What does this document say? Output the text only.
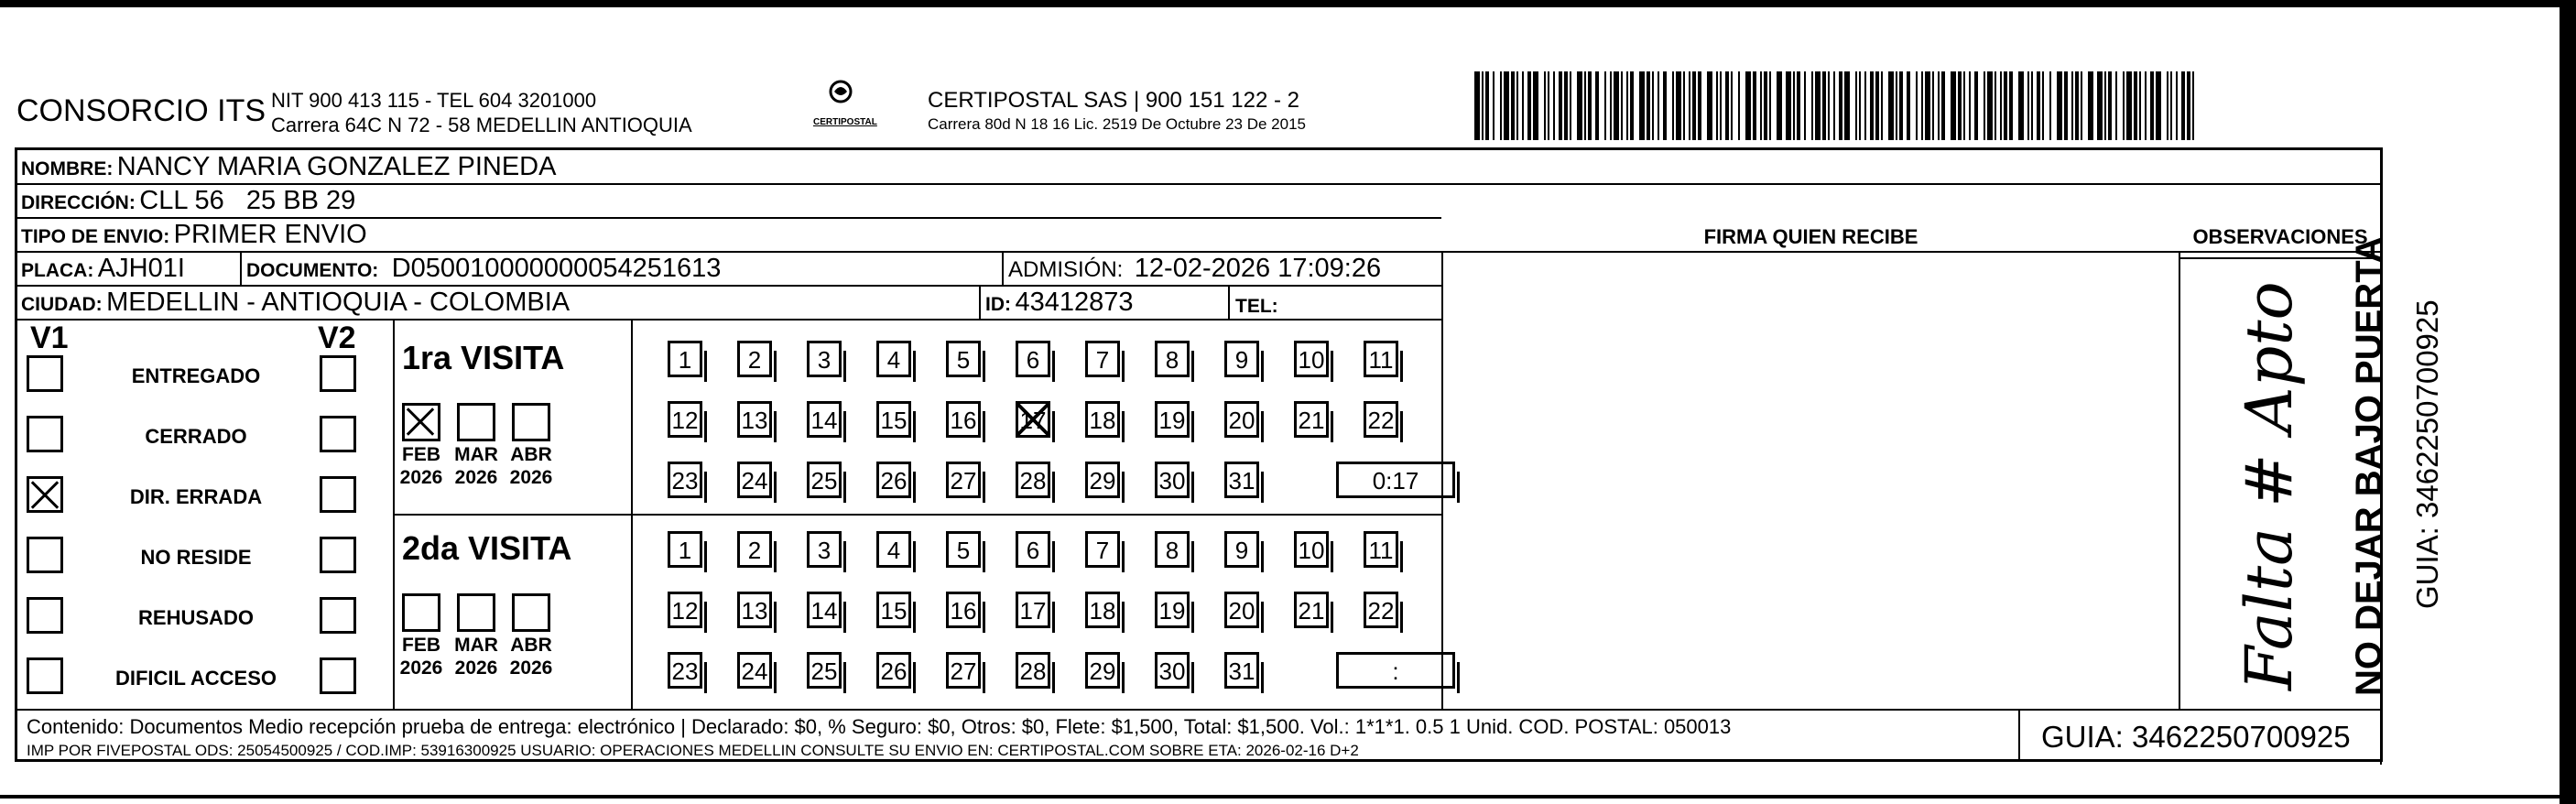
CONSORCIO ITS NIT 900 413 115 - TEL 604 3201000
Carrera 64C N 72 - 58 MEDELLIN ANTIOQUIA	CERTIPOSTAL
CERTIPOSTAL SAS | 900 151 122 - 2
Carrera 80d N 18 16 Lic. 2519 De Octubre 23 De 2015
NOMBRE: NANCY MARIA GONZALEZ PINEDA
DIRECCIÓN: CLL 56   25 BB 29
TIPO DE ENVIO: PRIMER ENVIO
PLACA: AJH01I	DOCUMENTO: D050010000000054251613	ADMISIÓN: 12-02-2026 17:09:26
CIUDAD: MEDELLIN - ANTIOQUIA - COLOMBIA	ID: 43412873	TEL:
FIRMA QUIEN RECIBE	OBSERVACIONES
V1	V2
ENTREGADO
CERRADO
DIR. ERRADA
NO RESIDE
REHUSADO
DIFICIL ACCESO
1ra VISITA
2da VISITA
FEB
2026
MAR
2026
ABR
2026
FEB
2026
MAR
2026
ABR
2026
1	2	3	4	5	6	7	8	9	10 11
12 13 14 15 16 17 18 19 20 21 22
23 24 25 26 27 28 29 30 31	0:17
1	2	3	4	5	6	7	8	9	10 11
12 13 14 15 16 17 18 19 20 21 22
23 24 25 26 27 28 29 30 31	:	Falta # Apto
Contenido: Documentos Medio recepción prueba de entrega: electrónico | Declarado: $0, % Seguro: $0, Otros: $0, Flete: $1,500, Total: $1,500. Vol.: 1*1*1. 0.5 1 Unid. COD. POSTAL: 050013
IMP POR FIVEPOSTAL ODS: 25054500925 / COD.IMP: 53916300925 USUARIO: OPERACIONES MEDELLIN CONSULTE SU ENVIO EN: CERTIPOSTAL.COM SOBRE ETA: 2026-02-16 D+2	GUIA: 3462250700925
NO DEJAR BAJO PUERTA GUIA: 3462250700925
